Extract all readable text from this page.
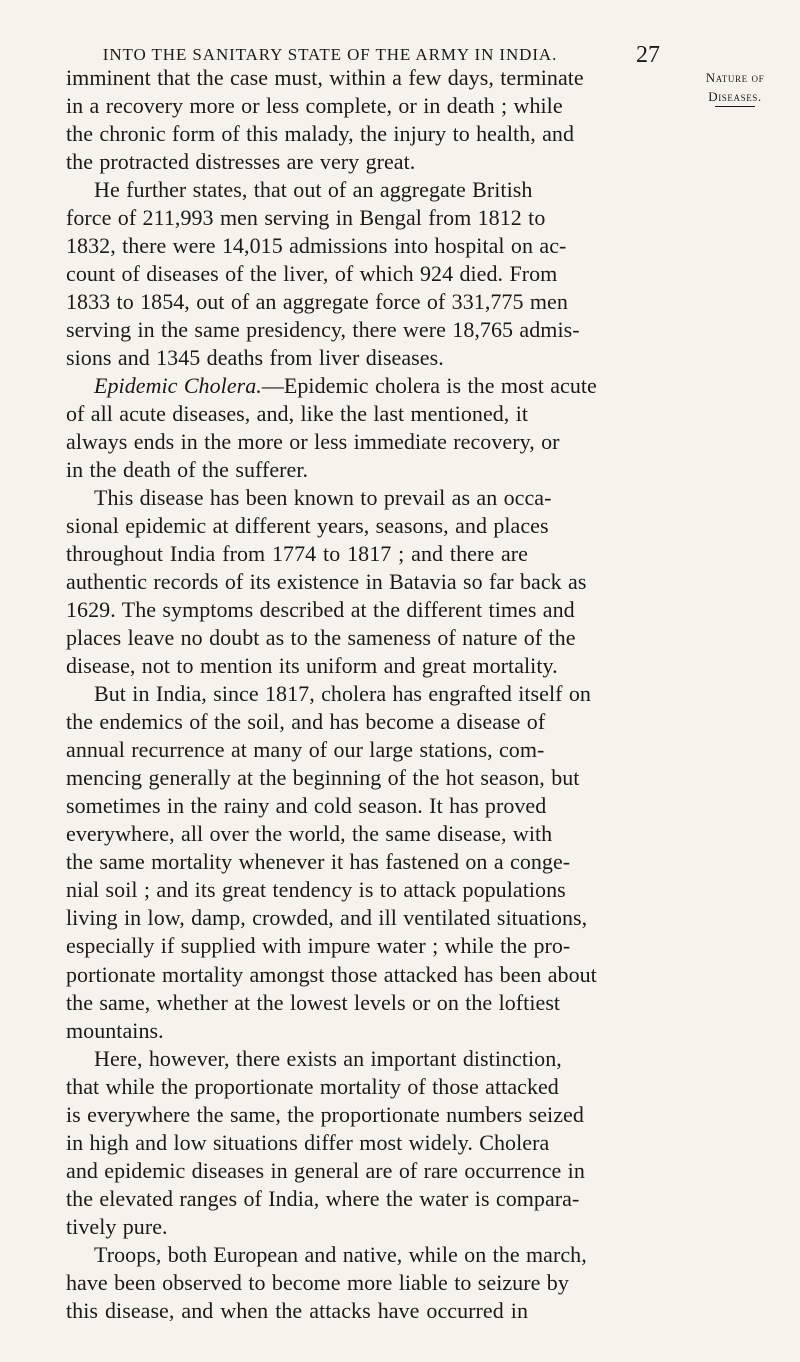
INTO THE SANITARY STATE OF THE ARMY IN INDIA.	27
Nature of
Diseases.
imminent that the case must, within a few days, terminate
in a recovery more or less complete, or in death ; while
the chronic form of this malady, the injury to health, and
the protracted distresses are very great.
He further states, that out of an aggregate British
force of 211,993 men serving in Bengal from 1812 to
1832, there were 14,015 admissions into hospital on ac-
count of diseases of the liver, of which 924 died. From
1833 to 1854, out of an aggregate force of 331,775 men
serving in the same presidency, there were 18,765 admis-
sions and 1345 deaths from liver diseases.
Epidemic Cholera.—Epidemic cholera is the most acute
of all acute diseases, and, like the last mentioned, it
always ends in the more or less immediate recovery, or
in the death of the sufferer.
This disease has been known to prevail as an occa-
sional epidemic at different years, seasons, and places
throughout India from 1774 to 1817 ; and there are
authentic records of its existence in Batavia so far back as
1629. The symptoms described at the different times and
places leave no doubt as to the sameness of nature of the
disease, not to mention its uniform and great mortality.
But in India, since 1817, cholera has engrafted itself on
the endemics of the soil, and has become a disease of
annual recurrence at many of our large stations, com-
mencing generally at the beginning of the hot season, but
sometimes in the rainy and cold season. It has proved
everywhere, all over the world, the same disease, with
the same mortality whenever it has fastened on a conge-
nial soil ; and its great tendency is to attack populations
living in low, damp, crowded, and ill ventilated situations,
especially if supplied with impure water ; while the pro-
portionate mortality amongst those attacked has been about
the same, whether at the lowest levels or on the loftiest
mountains.
Here, however, there exists an important distinction,
that while the proportionate mortality of those attacked
is everywhere the same, the proportionate numbers seized
in high and low situations differ most widely. Cholera
and epidemic diseases in general are of rare occurrence in
the elevated ranges of India, where the water is compara-
tively pure.
Troops, both European and native, while on the march,
have been observed to become more liable to seizure by
this disease, and when the attacks have occurred in
